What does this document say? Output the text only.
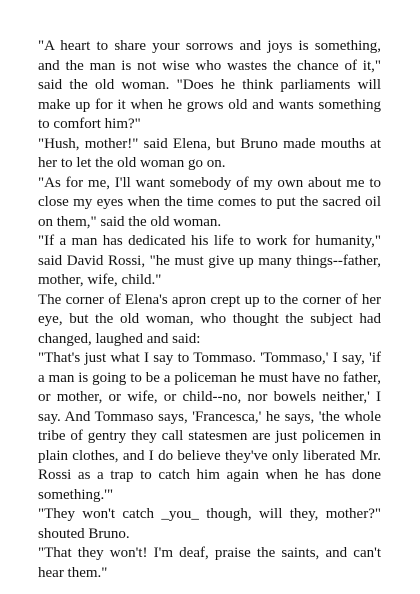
"A heart to share your sorrows and joys is something, and the man is not wise who wastes the chance of it," said the old woman. "Does he think parliaments will make up for it when he grows old and wants something to comfort him?"

"Hush, mother!" said Elena, but Bruno made mouths at her to let the old woman go on.

"As for me, I'll want somebody of my own about me to close my eyes when the time comes to put the sacred oil on them," said the old woman.

"If a man has dedicated his life to work for humanity," said David Rossi, "he must give up many things--father, mother, wife, child."

The corner of Elena's apron crept up to the corner of her eye, but the old woman, who thought the subject had changed, laughed and said:

"That's just what I say to Tommaso. 'Tommaso,' I say, 'if a man is going to be a policeman he must have no father, or mother, or wife, or child--no, nor bowels neither,' I say. And Tommaso says, 'Francesca,' he says, 'the whole tribe of gentry they call statesmen are just policemen in plain clothes, and I do believe they've only liberated Mr. Rossi as a trap to catch him again when he has done something.'"

"They won't catch _you_ though, will they, mother?" shouted Bruno.

"That they won't! I'm deaf, praise the saints, and can't hear them."
